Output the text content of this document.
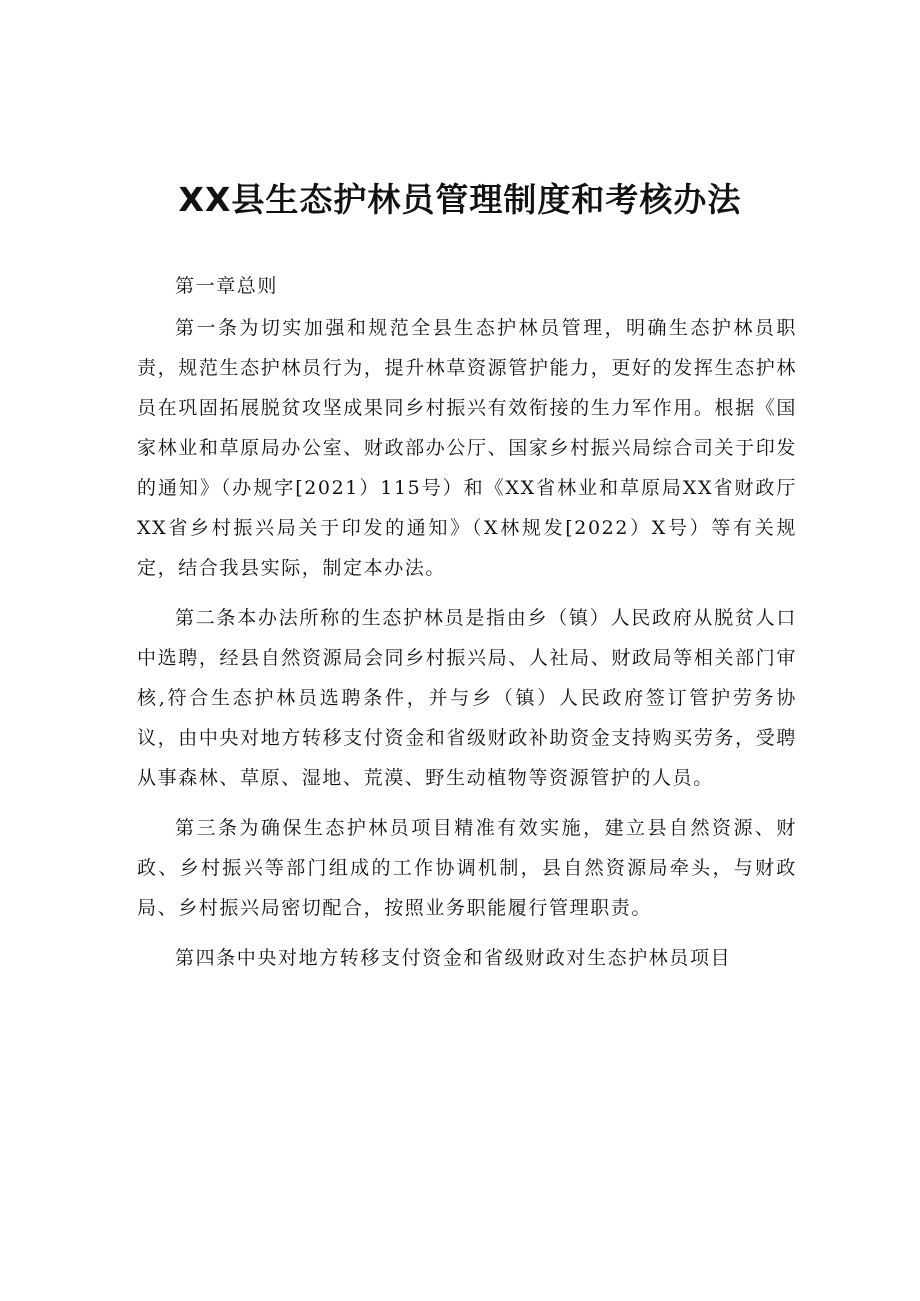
XX县生态护林员管理制度和考核办法

第一章总则

第一条为切实加强和规范全县生态护林员管理，明确生态护林员职责，规范生态护林员行为，提升林草资源管护能力，更好的发挥生态护林员在巩固拓展脱贫攻坚成果同乡村振兴有效衔接的生力军作用。根据《国家林业和草原局办公室、财政部办公厅、国家乡村振兴局综合司关于印发的通知》（办规字[2021）115号）和《XX省林业和草原局XX省财政厅XX省乡村振兴局关于印发的通知》（X林规发[2022）X号）等有关规定，结合我县实际，制定本办法。

第二条本办法所称的生态护林员是指由乡（镇）人民政府从脱贫人口中选聘，经县自然资源局会同乡村振兴局、人社局、财政局等相关部门审核,符合生态护林员选聘条件，并与乡（镇）人民政府签订管护劳务协议，由中央对地方转移支付资金和省级财政补助资金支持购买劳务，受聘从事森林、草原、湿地、荒漠、野生动植物等资源管护的人员。

第三条为确保生态护林员项目精准有效实施，建立县自然资源、财政、乡村振兴等部门组成的工作协调机制，县自然资源局牵头，与财政局、乡村振兴局密切配合，按照业务职能履行管理职责。

第四条中央对地方转移支付资金和省级财政对生态护林员项目
